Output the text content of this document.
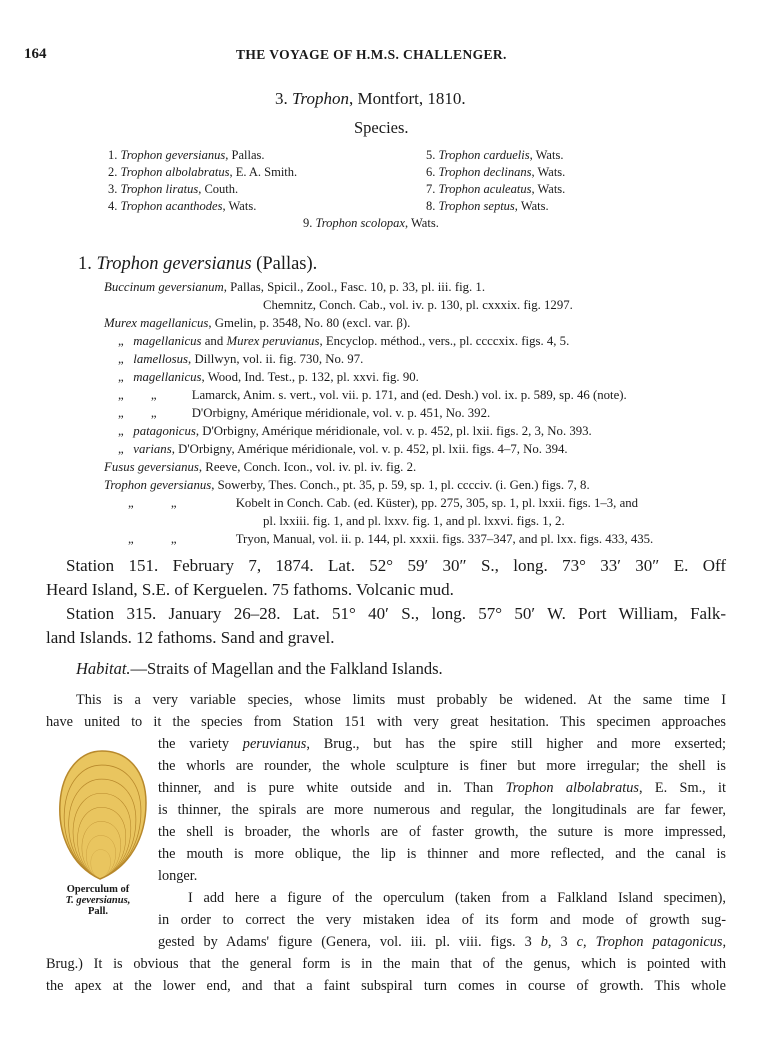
164	THE VOYAGE OF H.M.S. CHALLENGER.
3. Trophon, Montfort, 1810.
Species.
1. Trophon geversianus, Pallas.
2. Trophon albolabratus, E. A. Smith.
3. Trophon liratus, Couth.
4. Trophon acanthodes, Wats.
5. Trophon carduelis, Wats.
6. Trophon declinans, Wats.
7. Trophon aculeatus, Wats.
8. Trophon septus, Wats.
9. Trophon scolopax, Wats.
1. Trophon geversianus (Pallas).
Buccinum geversianum, Pallas, Spicil., Zool., Fasc. 10, p. 33, pl. iii. fig. 1.
Chemnitz, Conch. Cab., vol. iv. p. 130, pl. cxxxix. fig. 1297.
Murex magellanicus, Gmelin, p. 3548, No. 80 (excl. var. β).
„ magellanicus and Murex peruvianus, Encyclop. méthod., vers., pl. ccccxix. figs. 4, 5.
„ lamellosus, Dillwyn, vol. ii. fig. 730, No. 97.
„ magellanicus, Wood, Ind. Test., p. 132, pl. xxvi. fig. 90.
„ „	Lamarck, Anim. s. vert., vol. vii. p. 171, and (ed. Desh.) vol. ix. p. 589, sp. 46 (note).
„ „	D'Orbigny, Amérique méridionale, vol. v. p. 451, No. 392.
„ patagonicus, D'Orbigny, Amérique méridionale, vol. v. p. 452, pl. lxii. figs. 2, 3, No. 393.
„ varians, D'Orbigny, Amérique méridionale, vol. v. p. 452, pl. lxii. figs. 4–7, No. 394.
Fusus geversianus, Reeve, Conch. Icon., vol. iv. pl. iv. fig. 2.
Trophon geversianus, Sowerby, Thes. Conch., pt. 35, p. 59, sp. 1, pl. cccciv. (i. Gen.) figs. 7, 8.
„	„	Kobelt in Conch. Cab. (ed. Küster), pp. 275, 305, sp. 1, pl. lxxii. figs. 1–3, and
pl. lxxiii. fig. 1, and pl. lxxv. fig. 1, and pl. lxxvi. figs. 1, 2.
„	„	Tryon, Manual, vol. ii. p. 144, pl. xxxii. figs. 337–347, and pl. lxx. figs. 433, 435.
Station 151. February 7, 1874. Lat. 52° 59′ 30″ S., long. 73° 33′ 30″ E. Off
Heard Island, S.E. of Kerguelen. 75 fathoms. Volcanic mud.
Station 315. January 26–28. Lat. 51° 40′ S., long. 57° 50′ W. Port William, Falk-
land Islands. 12 fathoms. Sand and gravel.
Habitat.—Straits of Magellan and the Falkland Islands.
This is a very variable species, whose limits must probably be widened. At the same time I
have united to it the species from Station 151 with very great hesitation. This specimen approaches
the variety peruvianus, Brug., but has the spire still higher and more exserted;
the whorls are rounder, the whole sculpture is finer but more irregular; the shell is
thinner, and is pure white outside and in. Than Trophon albolabratus, E. Sm., it
is thinner, the spirals are more numerous and regular, the longitudinals are far fewer,
the shell is broader, the whorls are of faster growth, the suture is more impressed,
the mouth is more oblique, the lip is thinner and more reflected, and the canal is
longer.
I add here a figure of the operculum (taken from a Falkland Island specimen),
in order to correct the very mistaken idea of its form and mode of growth sug-
gested by Adams' figure (Genera, vol. iii. pl. viii. figs. 3 b, 3 c, Trophon patagonicus,
Brug.) It is obvious that the general form is in the main that of the genus, which is pointed with
the apex at the lower end, and that a faint subspiral turn comes in course of growth. This whole
Operculum of
T. geversianus,
Pall.
